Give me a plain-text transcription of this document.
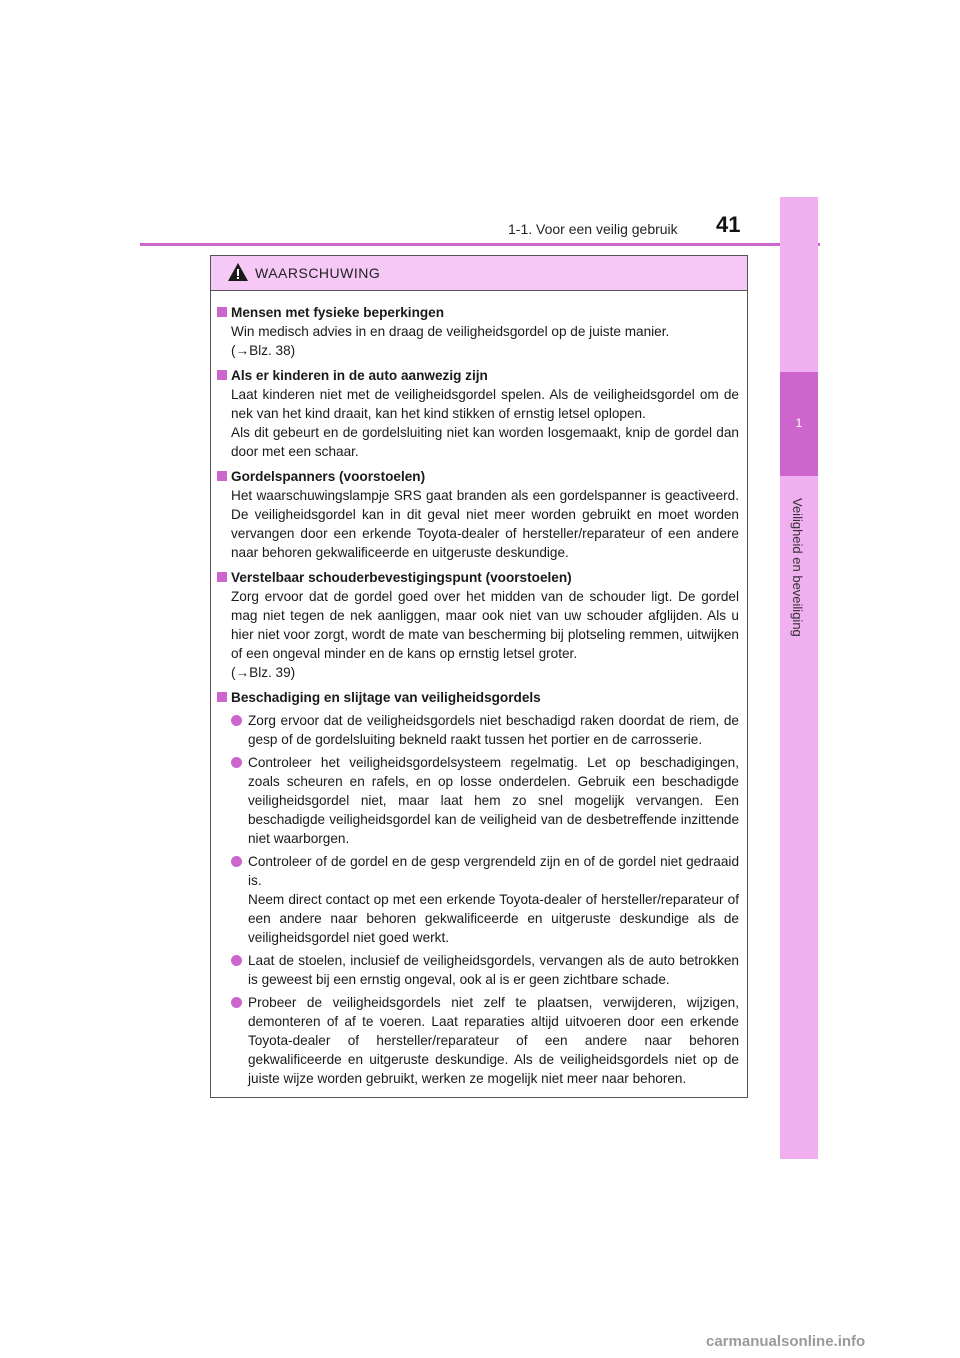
1-1. Voor een veilig gebruik 41
1
Veiligheid en beveiliging
WAARSCHUWING
Mensen met fysieke beperkingen
Win medisch advies in en draag de veiligheidsgordel op de juiste manier.
(→Blz. 38)
Als er kinderen in de auto aanwezig zijn
Laat kinderen niet met de veiligheidsgordel spelen. Als de veiligheidsgordel om de nek van het kind draait, kan het kind stikken of ernstig letsel oplopen.
Als dit gebeurt en de gordelsluiting niet kan worden losgemaakt, knip de gordel dan door met een schaar.
Gordelspanners (voorstoelen)
Het waarschuwingslampje SRS gaat branden als een gordelspanner is geactiveerd. De veiligheidsgordel kan in dit geval niet meer worden gebruikt en moet worden vervangen door een erkende Toyota-dealer of hersteller/reparateur of een andere naar behoren gekwalificeerde en uitgeruste deskundige.
Verstelbaar schouderbevestigingspunt (voorstoelen)
Zorg ervoor dat de gordel goed over het midden van de schouder ligt. De gordel mag niet tegen de nek aanliggen, maar ook niet van uw schouder afglijden. Als u hier niet voor zorgt, wordt de mate van bescherming bij plotseling remmen, uitwijken of een ongeval minder en de kans op ernstig letsel groter.
(→Blz. 39)
Beschadiging en slijtage van veiligheidsgordels
Zorg ervoor dat de veiligheidsgordels niet beschadigd raken doordat de riem, de gesp of de gordelsluiting bekneld raakt tussen het portier en de carrosserie.
Controleer het veiligheidsgordelsysteem regelmatig. Let op beschadigingen, zoals scheuren en rafels, en op losse onderdelen. Gebruik een beschadigde veiligheidsgordel niet, maar laat hem zo snel mogelijk vervangen. Een beschadigde veiligheidsgordel kan de veiligheid van de desbetreffende inzittende niet waarborgen.
Controleer of de gordel en de gesp vergrendeld zijn en of de gordel niet gedraaid is.
Neem direct contact op met een erkende Toyota-dealer of hersteller/reparateur of een andere naar behoren gekwalificeerde en uitgeruste deskundige als de veiligheidsgordel niet goed werkt.
Laat de stoelen, inclusief de veiligheidsgordels, vervangen als de auto betrokken is geweest bij een ernstig ongeval, ook al is er geen zichtbare schade.
Probeer de veiligheidsgordels niet zelf te plaatsen, verwijderen, wijzigen, demonteren of af te voeren. Laat reparaties altijd uitvoeren door een erkende Toyota-dealer of hersteller/reparateur of een andere naar behoren gekwalificeerde en uitgeruste deskundige. Als de veiligheidsgordels niet op de juiste wijze worden gebruikt, werken ze mogelijk niet meer naar behoren.
carmanualsonline.info
